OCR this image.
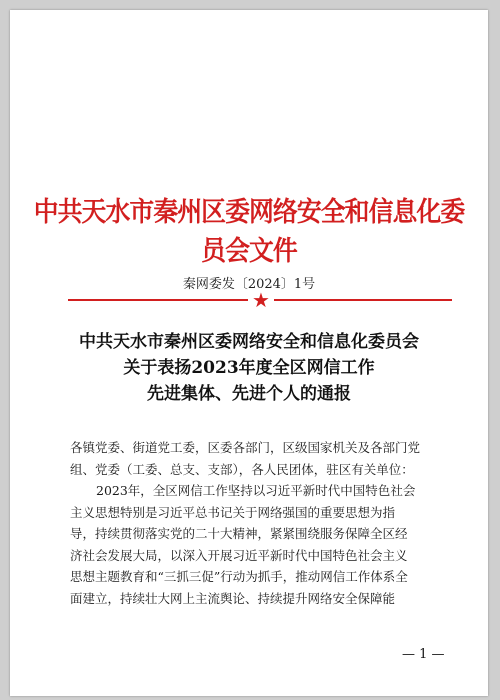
中共天水市秦州区委网络安全和信息化委员会文件
秦网委发〔2024〕1号
★
中共天水市秦州区委网络安全和信息化委员会
关于表扬2023年度全区网信工作
先进集体、先进个人的通报

各镇党委、街道党工委，区委各部门，区级国家机关及各部门党

组、党委（工委、总支、支部），各人民团体，驻区有关单位：

2023年，全区网信工作坚持以习近平新时代中国特色社会

主义思想特别是习近平总书记关于网络强国的重要思想为指

导，持续贯彻落实党的二十大精神，紧紧围绕服务保障全区经

济社会发展大局，以深入开展习近平新时代中国特色社会主义

思想主题教育和“三抓三促”行动为抓手，推动网信工作体系全

面建立，持续壮大网上主流舆论、持续提升网络安全保障能

— 1 —
